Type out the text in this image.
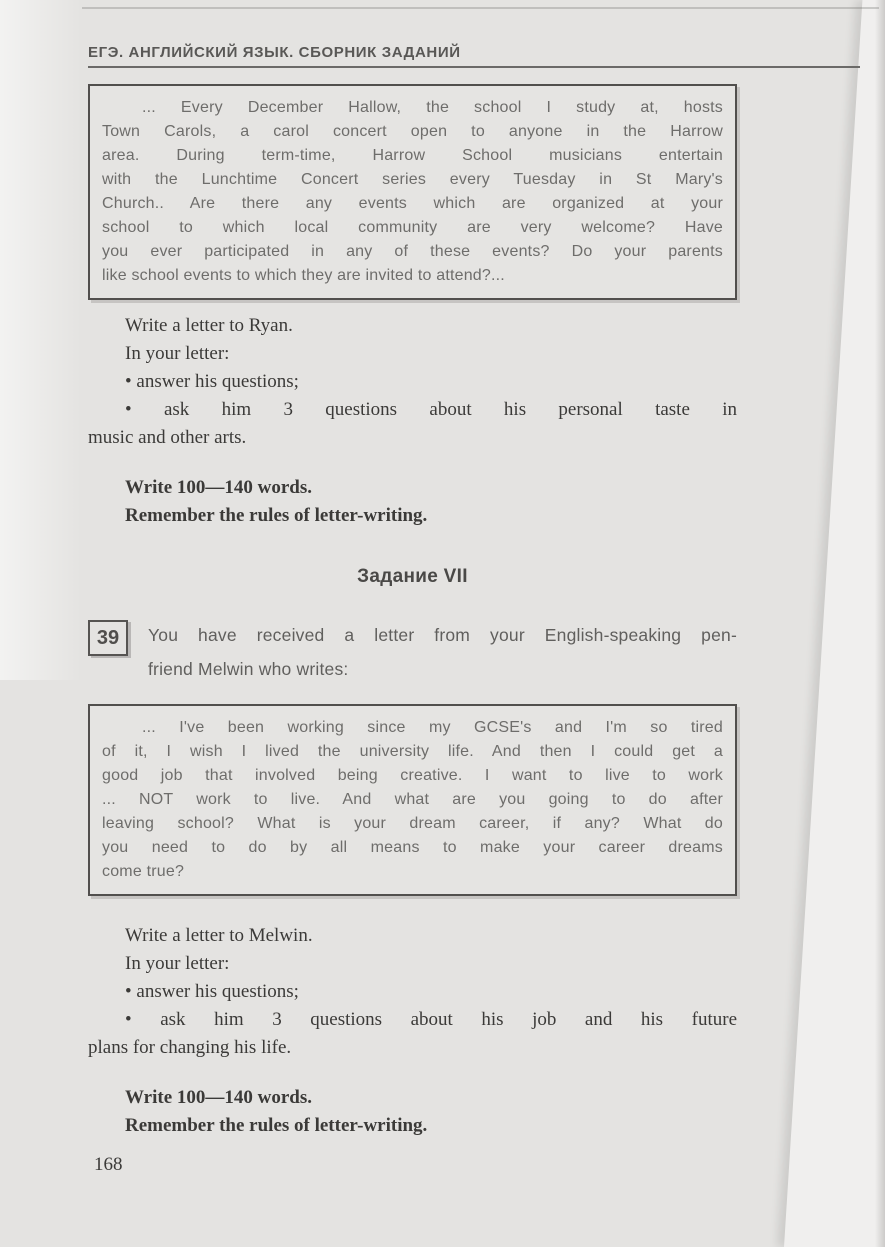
ЕГЭ. АНГЛИЙСКИЙ ЯЗЫК. СБОРНИК ЗАДАНИЙ
... Every December Hallow, the school I study at, hosts
Town Carols, a carol concert open to anyone in the Harrow
area. During term-time, Harrow School musicians entertain
with the Lunchtime Concert series every Tuesday in St Mary's
Church.. Are there any events which are organized at your
school to which local community are very welcome? Have
you ever participated in any of these events? Do your parents
like school events to which they are invited to attend?...
Write a letter to Ryan.
In your letter:
• answer his questions;
• ask him 3 questions about his personal taste in
music and other arts.
Write 100—140 words.
Remember the rules of letter-writing.
Задание VII
39	You have received a letter from your English-speaking pen-
friend Melwin who writes:
... I've been working since my GCSE's and I'm so tired
of it, I wish I lived the university life. And then I could get a
good job that involved being creative. I want to live to work
... NOT work to live. And what are you going to do after
leaving school? What is your dream career, if any? What do
you need to do by all means to make your career dreams
come true?
Write a letter to Melwin.
In your letter:
• answer his questions;
• ask him 3 questions about his job and his future
plans for changing his life.
Write 100—140 words.
Remember the rules of letter-writing.
168
